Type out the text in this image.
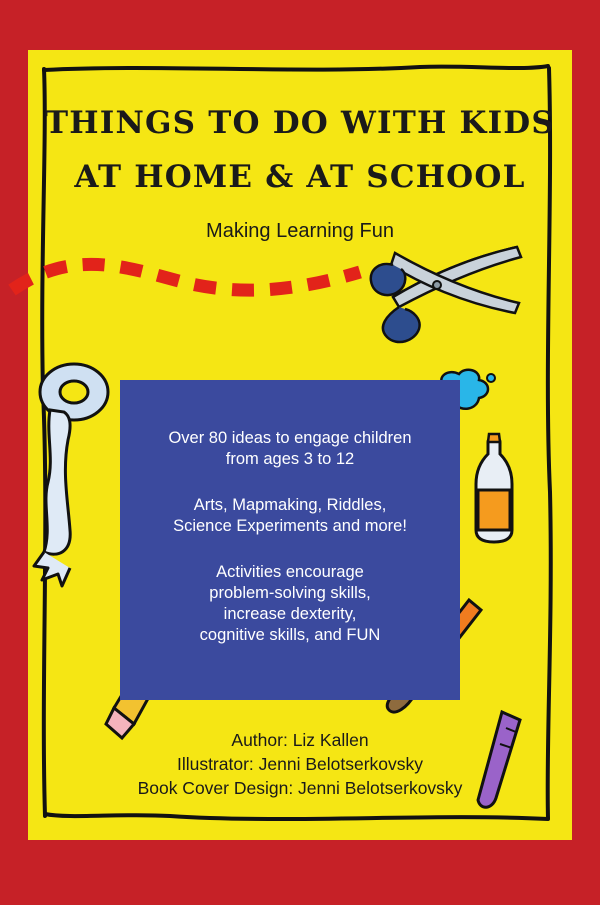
THINGS TO DO WITH KIDS
AT HOME & AT SCHOOL
Making Learning Fun
Over 80 ideas to engage children
from ages 3 to 12
Arts, Mapmaking, Riddles,
Science Experiments and more!
Activities encourage
problem-solving skills,
increase dexterity,
cognitive skills, and FUN
Author: Liz Kallen
Illustrator: Jenni Belotserkovsky
Book Cover Design: Jenni Belotserkovsky
